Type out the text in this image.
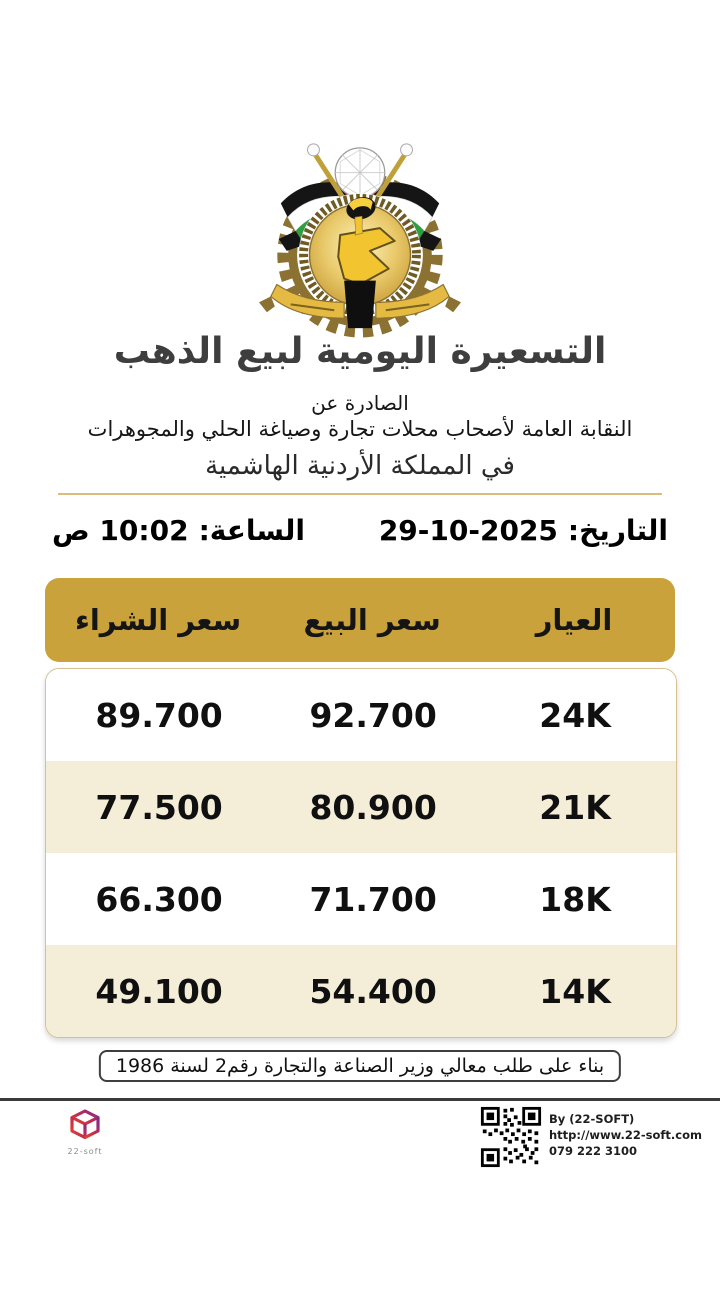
التسعيرة اليومية لبيع الذهب
الصادرة عن
النقابة العامة لأصحاب محلات تجارة وصياغة الحلي والمجوهرات
في المملكة الأردنية الهاشمية
التاريخ:
29-10-2025
الساعة:
10:02 ص
العيار
سعر البيع
سعر الشراء
24K
92.700
89.700
21K
80.900
77.500
18K
71.700
66.300
14K
54.400
49.100
بناء على طلب معالي وزير الصناعة والتجارة رقم2 لسنة 1986
22-soft
By (22-SOFT)
http://www.22-soft.com
079 222 3100
